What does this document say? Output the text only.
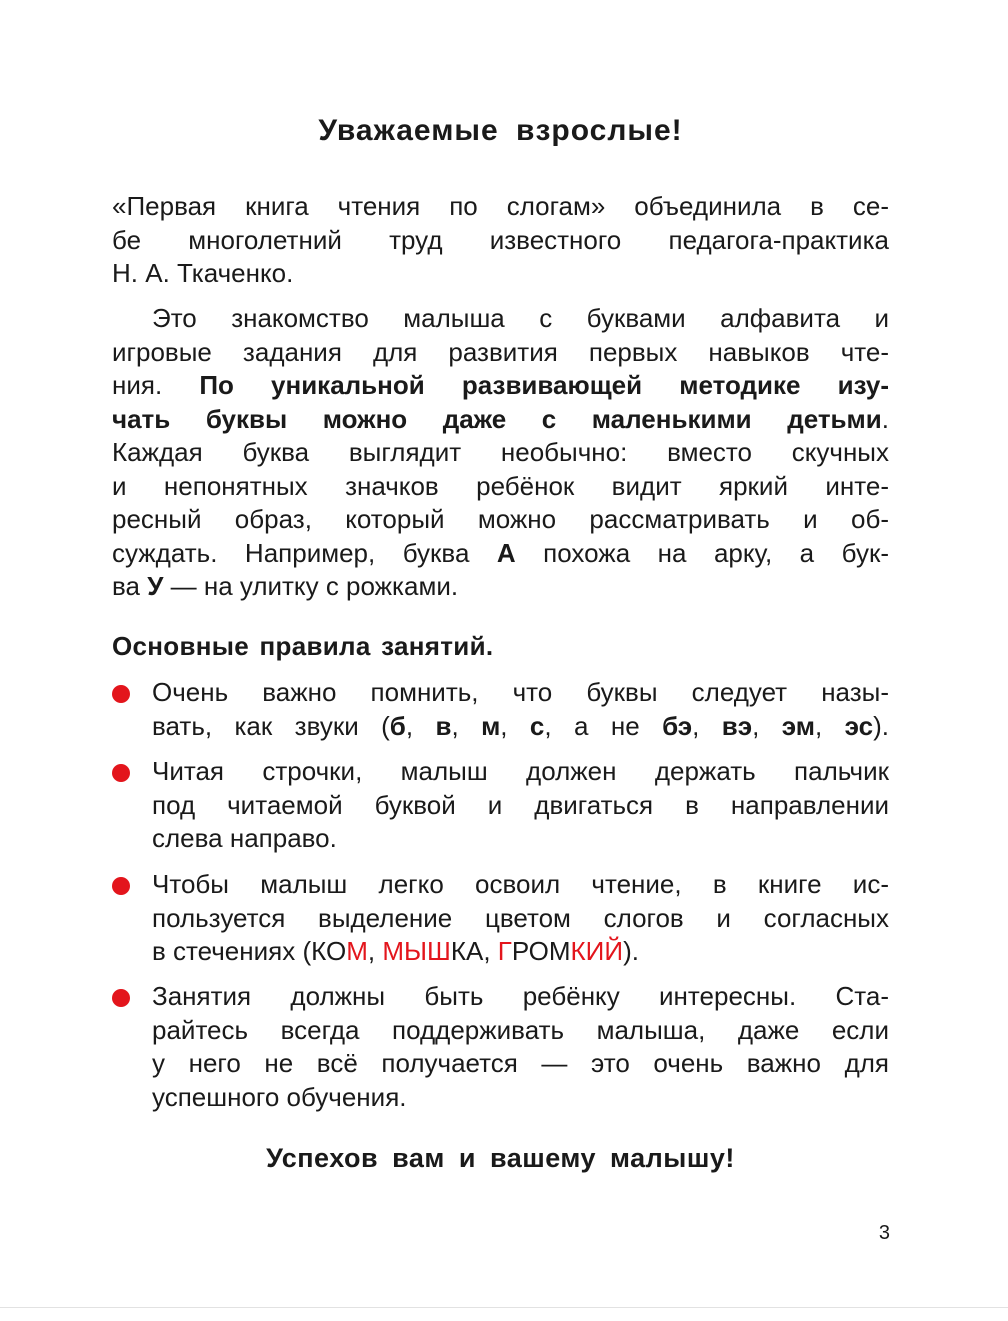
Уважаемые взрослые!

«Первая книга чтения по слогам» объединила в се-
бе многолетний труд известного педагога-практика
Н. А. Ткаченко.

Это знакомство малыша с буквами алфавита и
игровые задания для развития первых навыков чте-
ния. По уникальной развивающей методике изу-
чать буквы можно даже с маленькими детьми.
Каждая буква выглядит необычно: вместо скучных
и непонятных значков ребёнок видит яркий инте-
ресный образ, который можно рассматривать и об-
суждать. Например, буква А похожа на арку, а бук-
ва У — на улитку с рожками.

Основные правила занятий.

Очень важно помнить, что буквы следует назы-
вать, как звуки (б, в, м, с, а не бэ, вэ, эм, эс).

Читая строчки, малыш должен держать пальчик
под читаемой буквой и двигаться в направлении
слева направо.

Чтобы малыш легко освоил чтение, в книге ис-
пользуется выделение цветом слогов и согласных
в стечениях (КОМ, МЫШКА, ГРОМКИЙ).

Занятия должны быть ребёнку интересны. Ста-
райтесь всегда поддерживать малыша, даже если
у него не всё получается — это очень важно для
успешного обучения.

Успехов вам и вашему малышу!

3
